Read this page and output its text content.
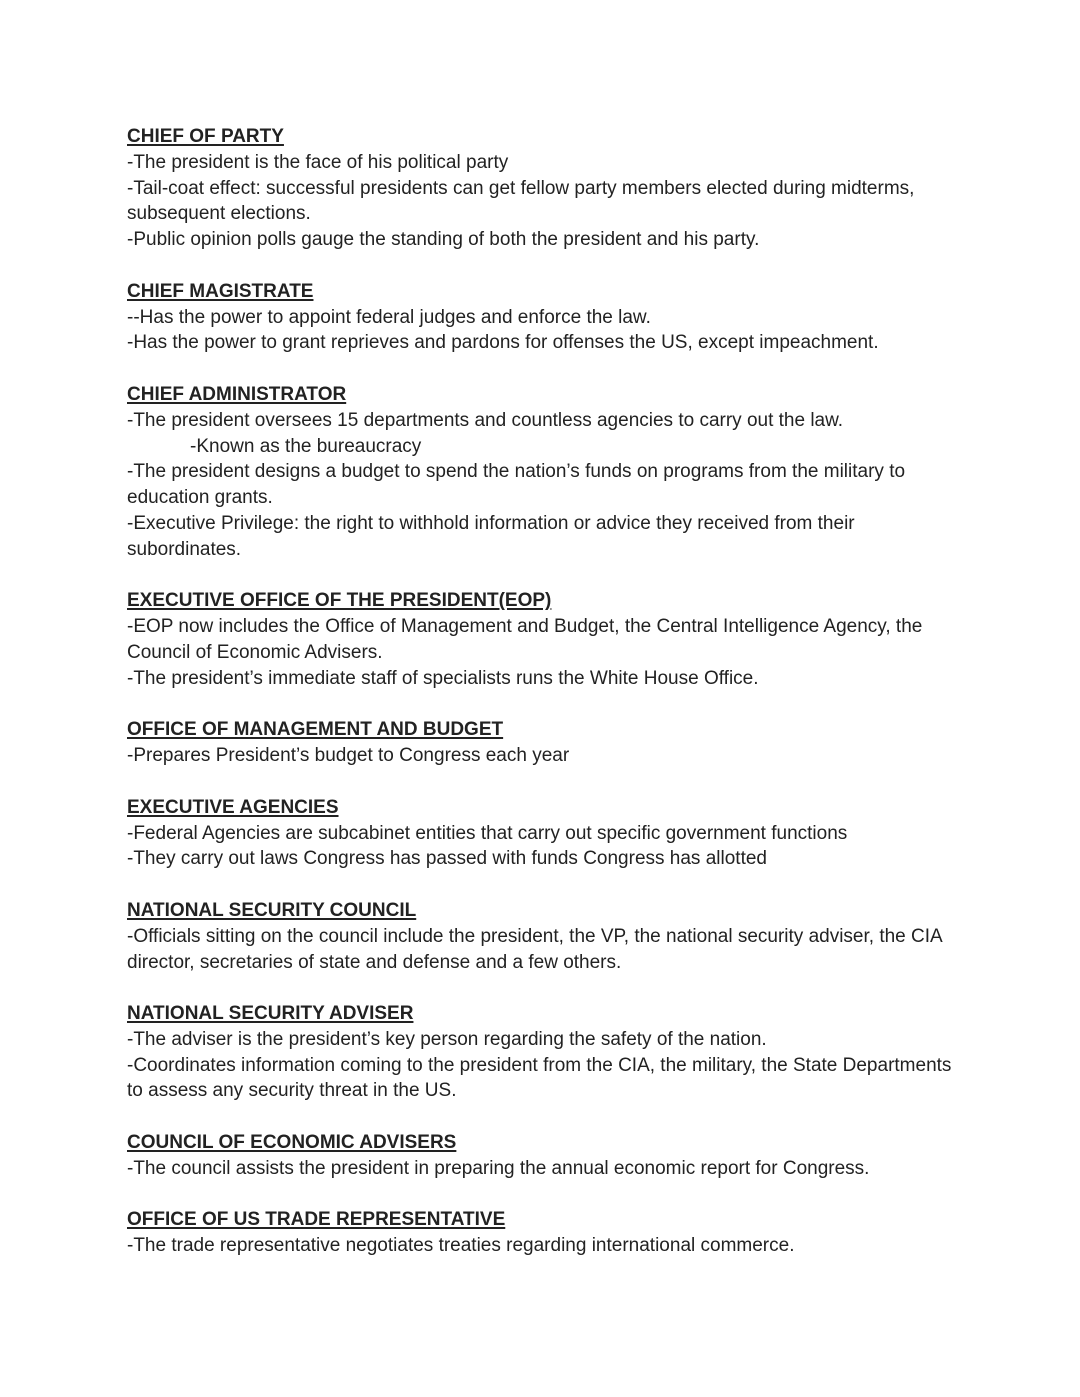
CHIEF OF PARTY
-The president is the face of his political party
-Tail-coat effect: successful presidents can get fellow party members elected during midterms, subsequent elections.
-Public opinion polls gauge the standing of both the president and his party.
CHIEF MAGISTRATE
--Has the power to appoint federal judges and enforce the law.
-Has the power to grant reprieves and pardons for offenses the US, except impeachment.
CHIEF ADMINISTRATOR
-The president oversees 15 departments and countless agencies to carry out the law.
-Known as the bureaucracy
-The president designs a budget to spend the nation’s funds on programs from the military to education grants.
-Executive Privilege: the right to withhold information or advice they received from their subordinates.
EXECUTIVE OFFICE OF THE PRESIDENT(EOP)
-EOP now includes the Office of Management and Budget, the Central Intelligence Agency, the Council of Economic Advisers.
-The president’s immediate staff of specialists runs the White House Office.
OFFICE OF MANAGEMENT AND BUDGET
-Prepares President’s budget to Congress each year
EXECUTIVE AGENCIES
-Federal Agencies are subcabinet entities that carry out specific government functions
-They carry out laws Congress has passed with funds Congress has allotted
NATIONAL SECURITY COUNCIL
-Officials sitting on the council include the president, the VP, the national security adviser, the CIA director, secretaries of state and defense and a few others.
NATIONAL SECURITY ADVISER
-The adviser is the president’s key person regarding the safety of the nation.
-Coordinates information coming to the president from the CIA, the military, the State Departments to assess any security threat in the US.
COUNCIL OF ECONOMIC ADVISERS
-The council assists the president in preparing the annual economic report for Congress.
OFFICE OF US TRADE REPRESENTATIVE
-The trade representative negotiates treaties regarding international commerce.
